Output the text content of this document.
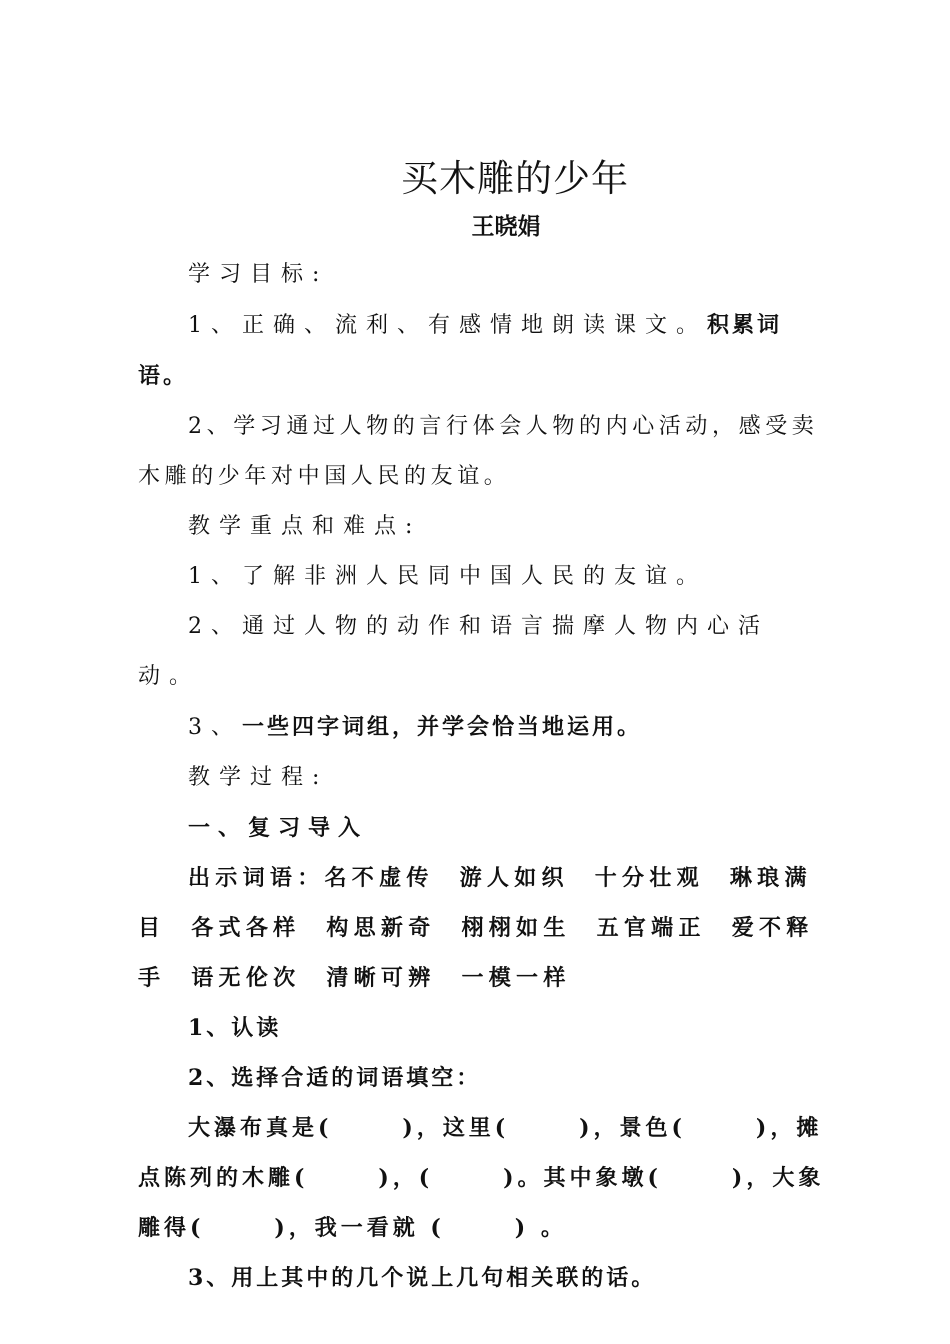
买木雕的少年
王晓娟

学习目标:

1、正确、流利、有感情地朗读课文。积累词语。

2、学习通过人物的言行体会人物的内心活动，感受卖木雕的少年对中国人民的友谊。

教学重点和难点:

1、了解非洲人民同中国人民的友谊。

2、通过人物的动作和语言揣摩人物内心活动。

3、一些四字词组，并学会恰当地运用。

教学过程:

一、复习导入

出示词语：名不虚传  游人如织  十分壮观  琳琅满目  各式各样  构思新奇  栩栩如生  五官端正  爱不释手  语无伦次  清晰可辨  一模一样

1、认读

2、选择合适的词语填空：

大瀑布真是(      )，这里(      )，景色(      )，摊点陈列的木雕(      )，(      )。其中象墩(      )，大象雕得(      )，我一看就 (      ) 。

3、用上其中的几个说上几句相关联的话。
